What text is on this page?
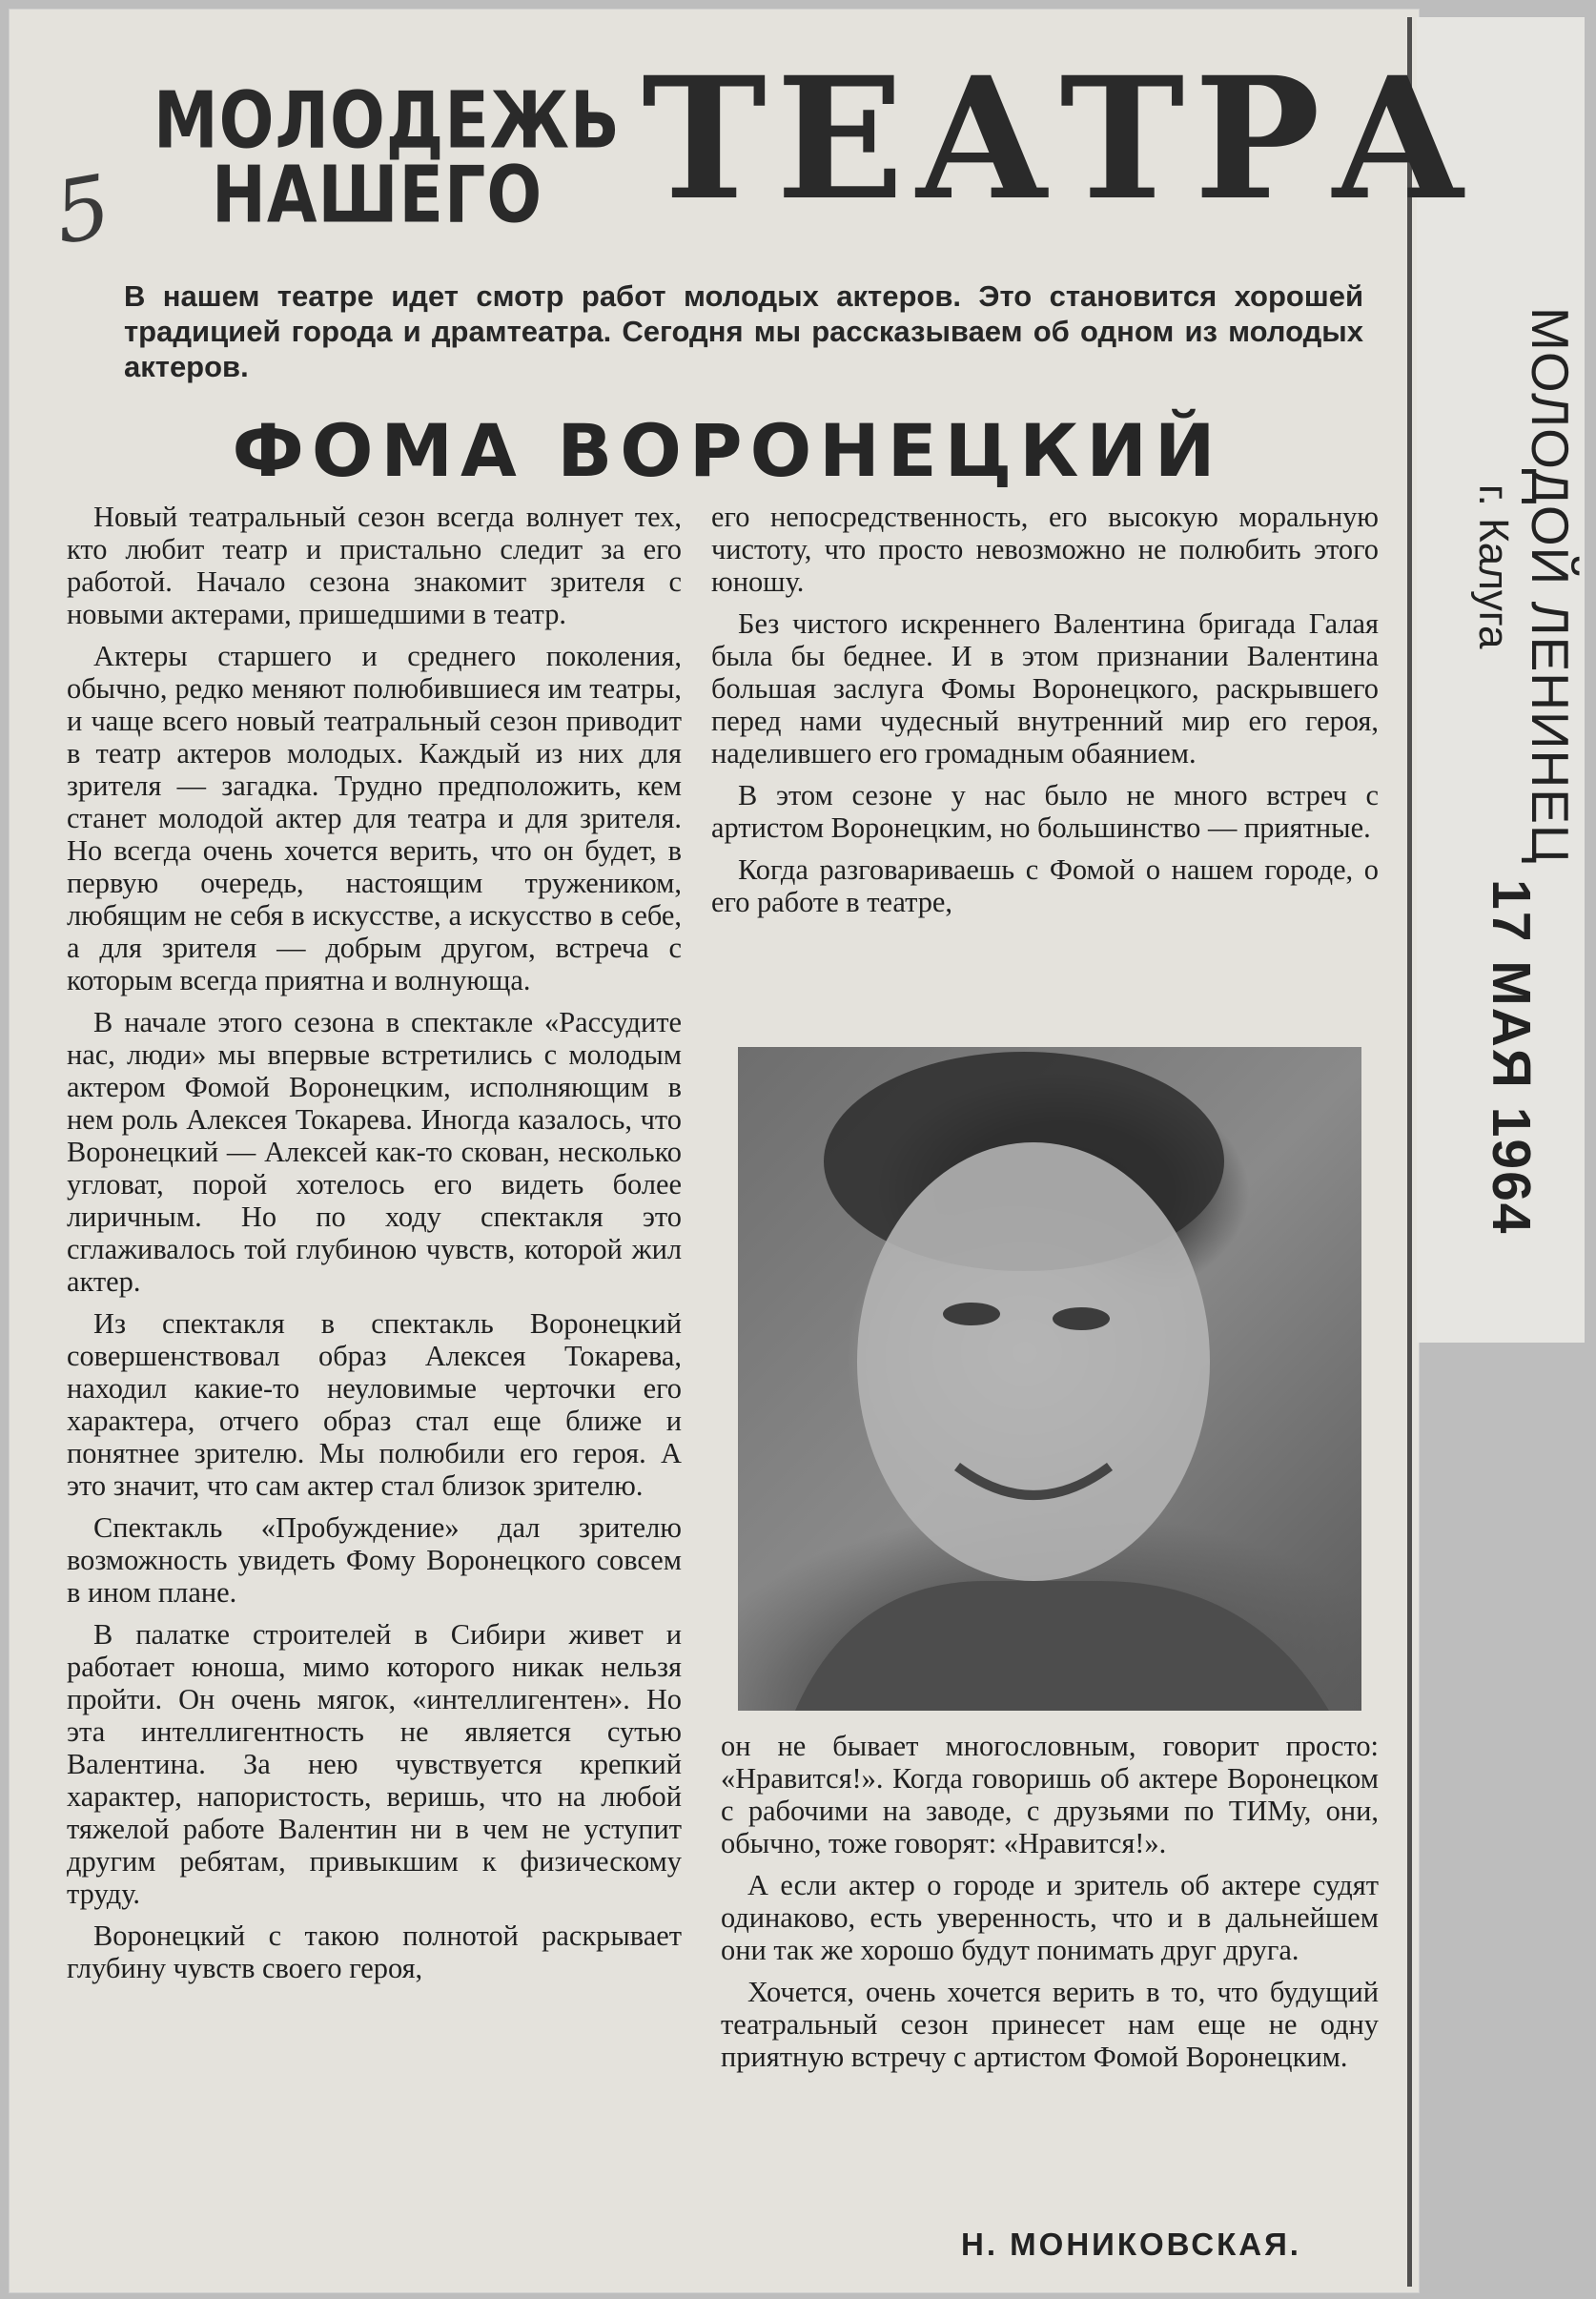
МОЛОДОЙ ЛЕНИНЕЦ
г. Калуга
17 МАЯ 1964
5
МОЛОДЕЖЬ
НАШЕГО ТЕАТРА

В нашем театре идет смотр работ молодых актеров. Это становится хорошей традицией города и драмтеатра. Сегодня мы рассказываем об одном из молодых актеров.

ФОМА ВОРОНЕЦКИЙ

Новый театральный сезон всегда волнует тех, кто любит театр и пристально следит за его работой. Начало сезона знакомит зрителя с новыми актерами, пришедшими в театр.

Актеры старшего и среднего поколения, обычно, редко меняют полюбившиеся им театры, и чаще всего новый театральный сезон приводит в театр актеров молодых. Каждый из них для зрителя — загадка. Трудно предположить, кем станет молодой актер для театра и для зрителя. Но всегда очень хочется верить, что он будет, в первую очередь, настоящим тружеником, любящим не себя в искусстве, а искусство в себе, а для зрителя — добрым другом, встреча с которым всегда приятна и волнующа.

В начале этого сезона в спектакле «Рассудите нас, люди» мы впервые встретились с молодым актером Фомой Воронецким, исполняющим в нем роль Алексея Токарева. Иногда казалось, что Воронецкий — Алексей как-то скован, несколько угловат, порой хотелось его видеть более лиричным. Но по ходу спектакля это сглаживалось той глубиною чувств, которой жил актер.

Из спектакля в спектакль Воронецкий совершенствовал образ Алексея Токарева, находил какие-то неуловимые черточки его характера, отчего образ стал еще ближе и понятнее зрителю. Мы полюбили его героя. А это значит, что сам актер стал близок зрителю.

Спектакль «Пробуждение» дал зрителю возможность увидеть Фому Воронецкого совсем в ином плане.

В палатке строителей в Сибири живет и работает юноша, мимо которого никак нельзя пройти. Он очень мягок, «интеллигентен». Но эта интеллигентность не является сутью Валентина. За нею чувствуется крепкий характер, напористость, веришь, что на любой тяжелой работе Валентин ни в чем не уступит другим ребятам, привыкшим к физическому труду.

Воронецкий с такою полнотой раскрывает глубину чувств своего героя,

его непосредственность, его высокую моральную чистоту, что просто невозможно не полюбить этого юношу.

Без чистого искреннего Валентина бригада Галая была бы беднее. И в этом признании Валентина большая заслуга Фомы Воронецкого, раскрывшего перед нами чудесный внутренний мир его героя, наделившего его громадным обаянием.

В этом сезоне у нас было не много встреч с артистом Воронецким, но большинство — приятные.

Когда разговариваешь с Фомой о нашем городе, о его работе в театре,

он не бывает многословным, говорит просто: «Нравится!». Когда говоришь об актере Воронецком с рабочими на заводе, с друзьями по ТИМу, они, обычно, тоже говорят: «Нравится!».

А если актер о городе и зритель об актере судят одинаково, есть уверенность, что и в дальнейшем они так же хорошо будут понимать друг друга.

Хочется, очень хочется верить в то, что будущий театральный сезон принесет нам еще не одну приятную встречу с артистом Фомой Воронецким.

Н. МОНИКОВСКАЯ.
